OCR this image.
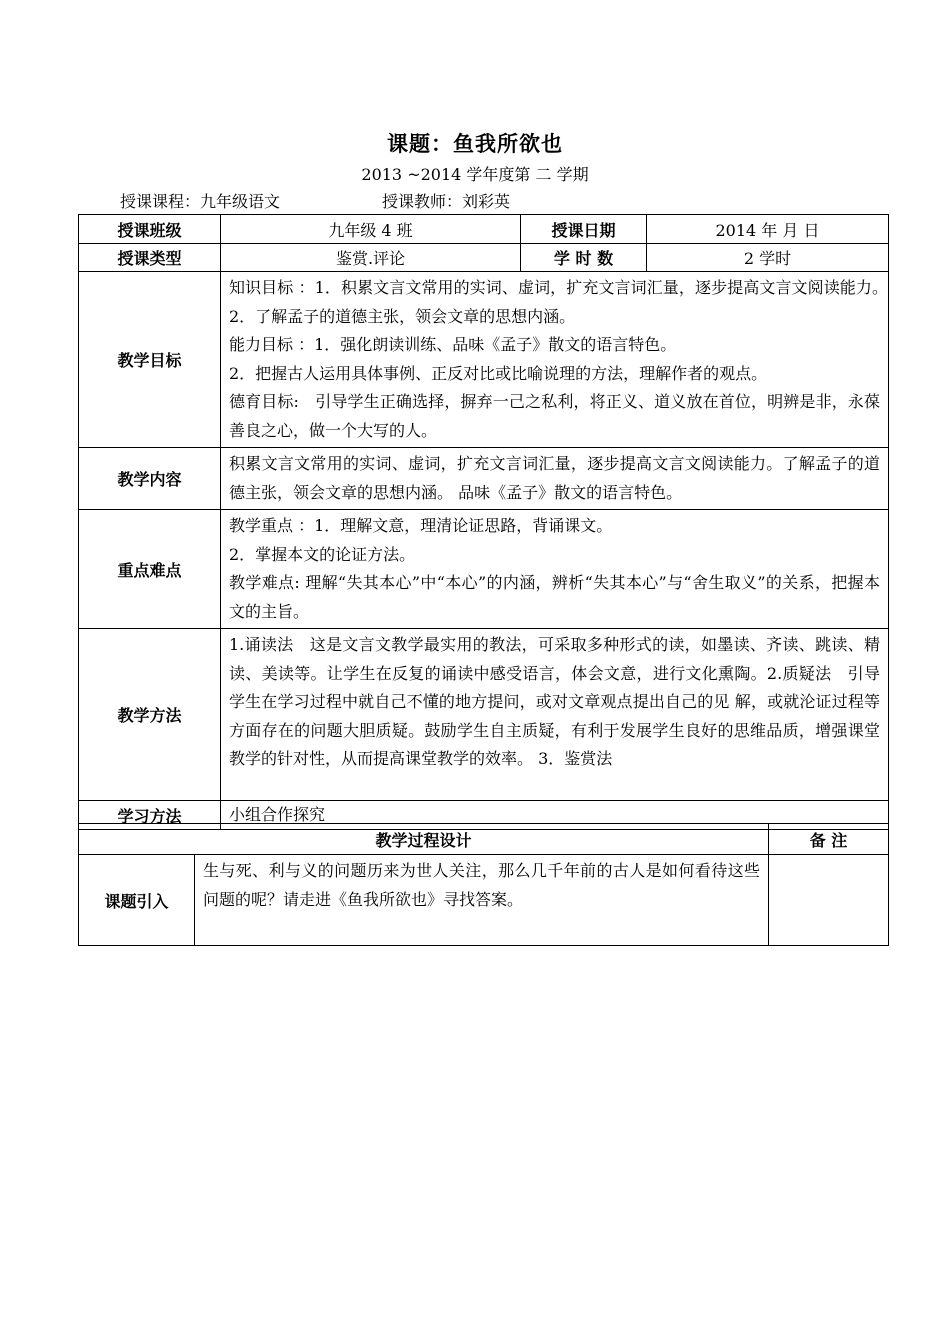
课题：鱼我所欲也
2013 ~2014 学年度第 二 学期
授课课程：九年级语文	授课教师：刘彩英
授课班级	九年级 4 班	授课日期	2014 年 月 日
授课类型	鉴赏.评论	学 时 数	2 学时
教学目标	知识目标 ：1．积累文言文常用的实词、虚词，扩充文言词汇量，逐步提高文言文阅读能力。　2．了解孟子的道德主张，领会文章的思想内涵。

能力目标 ：1．强化朗读训练、品味《孟子》散文的语言特色。

2．把握古人运用具体事例、正反对比或比喻说理的方法，理解作者的观点。

德育目标:　引导学生正确选择，摒弃一己之私利，将正义、道义放在首位，明辨是非，永葆善良之心，做一个大写的人。		

教学内容	积累文言文常用的实词、虚词，扩充文言词汇量，逐步提高文言文阅读能力。了解孟子的道德主张，领会文章的思想内涵。 品味《孟子》散文的语言特色。		
重点难点	教学重点 ：1．理解文意，理清论证思路，背诵课文。

2．掌握本文的论证方法。

教学难点: 理解“失其本心”中“本心”的内涵，辨析“失其本心”与“舍生取义”的关系，把握本文的主旨。		

教学方法	1.诵读法　这是文言文教学最实用的教法，可采取多种形式的读，如墨读、齐读、跳读、精读、美读等。让学生在反复的诵读中感受语言，体会文意，进行文化熏陶。2.质疑法　引导学生在学习过程中就自己不懂的地方提问，或对文章观点提出自己的见 解，或就沦证过程等方面存在的问题大胆质疑。鼓励学生自主质疑，有利于发展学生良好的思维品质，增强课堂教学的针对性，从而提高课堂教学的效率。 3．鉴赏法		
学习方法	小组合作探究		
教学过程设计		备 注
课题引入	生与死、利与义的问题历来为世人关注，那么几千年前的古人是如何看待这些问题的呢？请走进《鱼我所欲也》寻找答案。	
